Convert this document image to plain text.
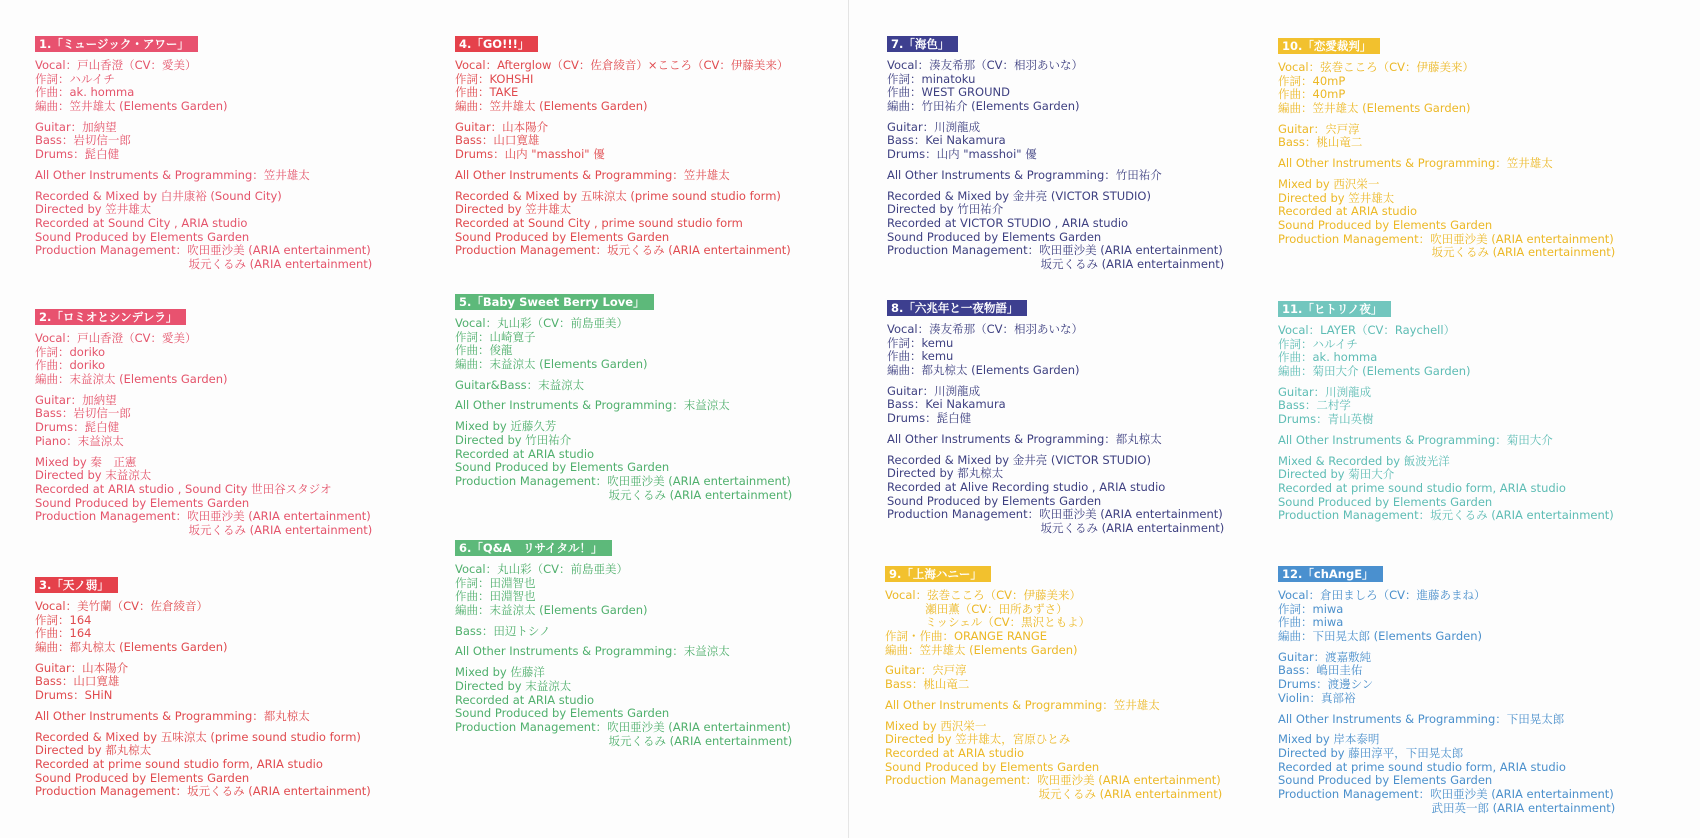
1.「ミュージック・アワー」
Vocal：戸山香澄（CV：愛美）
作詞：ハルイチ
作曲：ak. homma
編曲：笠井雄太 (Elements Garden)
Guitar：加納望
Bass：岩切信一郎
Drums：髭白健
All Other Instruments & Programming：笠井雄太
Recorded & Mixed by 白井康裕 (Sound City)
Directed by 笠井雄太
Recorded at Sound City , ARIA studio
Sound Produced by Elements Garden
Production Management：吹田亜沙美 (ARIA entertainment)
坂元くるみ (ARIA entertainment)
2.「ロミオとシンデレラ」
Vocal：戸山香澄（CV：愛美）
作詞：doriko
作曲：doriko
編曲：末益涼太 (Elements Garden)
Guitar：加納望
Bass：岩切信一郎
Drums：髭白健
Piano：末益涼太
Mixed by 秦　正憲
Directed by 末益涼太
Recorded at ARIA studio , Sound City 世田谷スタジオ
Sound Produced by Elements Garden
Production Management：吹田亜沙美 (ARIA entertainment)
坂元くるみ (ARIA entertainment)
3.「天ノ弱」
Vocal：美竹蘭（CV：佐倉綾音）
作詞：164
作曲：164
編曲：都丸椋太 (Elements Garden)
Guitar：山本陽介
Bass：山口寛雄
Drums：SHiN
All Other Instruments & Programming：都丸椋太
Recorded & Mixed by 五味涼太 (prime sound studio form)
Directed by 都丸椋太
Recorded at prime sound studio form, ARIA studio
Sound Produced by Elements Garden
Production Management：坂元くるみ (ARIA entertainment)
4.「GO!!!」
Vocal：Afterglow（CV：佐倉綾音）×こころ（CV：伊藤美来）
作詞：KOHSHI
作曲：TAKE
編曲：笠井雄太 (Elements Garden)
Guitar：山本陽介
Bass：山口寛雄
Drums：山内 "masshoi" 優
All Other Instruments & Programming：笠井雄太
Recorded & Mixed by 五味涼太 (prime sound studio form)
Directed by 笠井雄太
Recorded at Sound City , prime sound studio form
Sound Produced by Elements Garden
Production Management：坂元くるみ (ARIA entertainment)
5.「Baby Sweet Berry Love」
Vocal：丸山彩（CV：前島亜美）
作詞：山崎寛子
作曲：俊龍
編曲：末益涼太 (Elements Garden)
Guitar&Bass：末益涼太
All Other Instruments & Programming：末益涼太
Mixed by 近藤久芳
Directed by 竹田祐介
Recorded at ARIA studio
Sound Produced by Elements Garden
Production Management：吹田亜沙美 (ARIA entertainment)
坂元くるみ (ARIA entertainment)
6.「Q&A　リサイタル！」
Vocal：丸山彩（CV：前島亜美）
作詞：田淵智也
作曲：田淵智也
編曲：末益涼太 (Elements Garden)
Bass：田辺トシノ
All Other Instruments & Programming：末益涼太
Mixed by 佐藤洋
Directed by 末益涼太
Recorded at ARIA studio
Sound Produced by Elements Garden
Production Management：吹田亜沙美 (ARIA entertainment)
坂元くるみ (ARIA entertainment)
7.「海色」
Vocal：湊友希那（CV：相羽あいな）
作詞：minatoku
作曲：WEST GROUND
編曲：竹田祐介 (Elements Garden)
Guitar：川渕龍成
Bass：Kei Nakamura
Drums：山内 "masshoi" 優
All Other Instruments & Programming：竹田祐介
Recorded & Mixed by 金井亮 (VICTOR STUDIO)
Directed by 竹田祐介
Recorded at VICTOR STUDIO , ARIA studio
Sound Produced by Elements Garden
Production Management：吹田亜沙美 (ARIA entertainment)
坂元くるみ (ARIA entertainment)
8.「六兆年と一夜物語」
Vocal：湊友希那（CV：相羽あいな）
作詞：kemu
作曲：kemu
編曲：都丸椋太 (Elements Garden)
Guitar：川渕龍成
Bass：Kei Nakamura
Drums：髭白健
All Other Instruments & Programming：都丸椋太
Recorded & Mixed by 金井亮 (VICTOR STUDIO)
Directed by 都丸椋太
Recorded at Alive Recording studio , ARIA studio
Sound Produced by Elements Garden
Production Management：吹田亜沙美 (ARIA entertainment)
坂元くるみ (ARIA entertainment)
9.「上海ハニー」
Vocal：弦巻こころ（CV：伊藤美来）
瀬田薫（CV：田所あずさ）
ミッシェル（CV：黒沢ともよ）
作詞・作曲：ORANGE RANGE
編曲：笠井雄太 (Elements Garden)
Guitar：宍戸淳
Bass：桃山竜二
All Other Instruments & Programming：笠井雄太
Mixed by 西沢栄一
Directed by 笠井雄太，宮原ひとみ
Recorded at ARIA studio
Sound Produced by Elements Garden
Production Management：吹田亜沙美 (ARIA entertainment)
坂元くるみ (ARIA entertainment)
10.「恋愛裁判」
Vocal：弦巻こころ（CV：伊藤美来）
作詞：40mP
作曲：40mP
編曲：笠井雄太 (Elements Garden)
Guitar：宍戸淳
Bass：桃山竜二
All Other Instruments & Programming：笠井雄太
Mixed by 西沢栄一
Directed by 笠井雄太
Recorded at ARIA studio
Sound Produced by Elements Garden
Production Management：吹田亜沙美 (ARIA entertainment)
坂元くるみ (ARIA entertainment)
11.「ヒトリノ夜」
Vocal：LAYER（CV：Raychell）
作詞：ハルイチ
作曲：ak. homma
編曲：菊田大介 (Elements Garden)
Guitar：川渕龍成
Bass：二村学
Drums：青山英樹
All Other Instruments & Programming：菊田大介
Mixed & Recorded by 飯波光洋
Directed by 菊田大介
Recorded at prime sound studio form, ARIA studio
Sound Produced by Elements Garden
Production Management：坂元くるみ (ARIA entertainment)
12.「chAngE」
Vocal：倉田ましろ（CV：進藤あまね）
作詞：miwa
作曲：miwa
編曲：下田晃太郎 (Elements Garden)
Guitar：渡嘉敷純
Bass：嶋田圭佑
Drums：渡邊シン
Violin：真部裕
All Other Instruments & Programming：下田晃太郎
Mixed by 岸本泰明
Directed by 藤田淳平，下田晃太郎
Recorded at prime sound studio form, ARIA studio
Sound Produced by Elements Garden
Production Management：吹田亜沙美 (ARIA entertainment)
武田英一郎 (ARIA entertainment)
